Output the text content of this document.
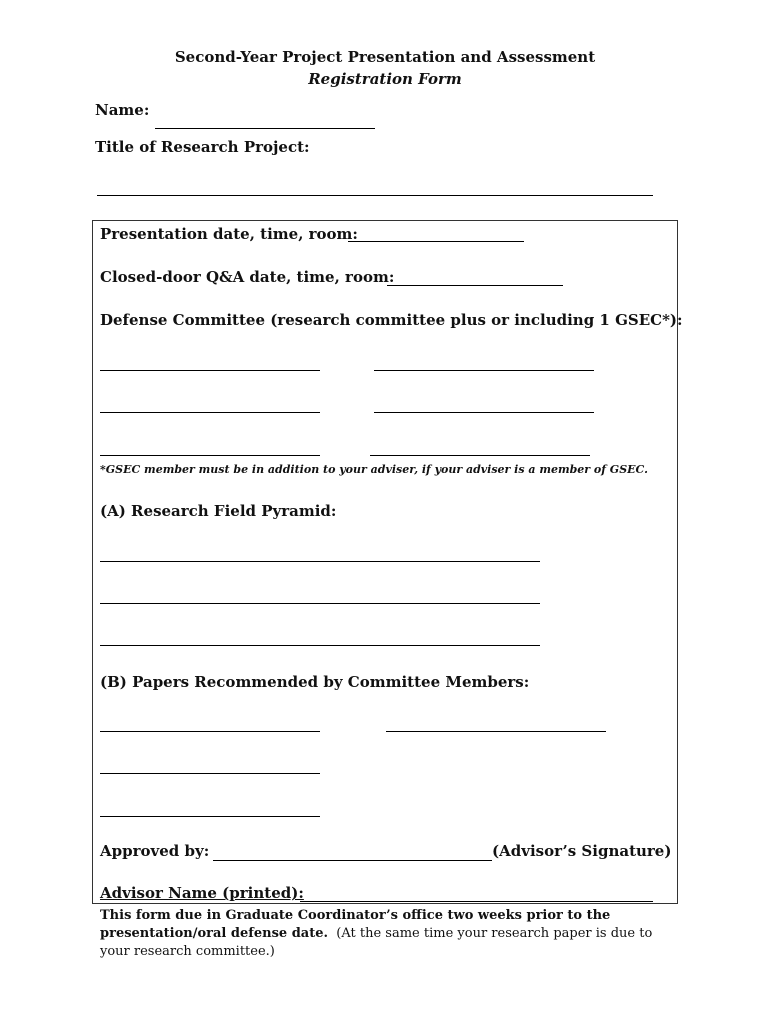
Second-Year Project Presentation and Assessment
Registration Form
Name:
Title of Research Project:
Presentation date, time, room:
Closed-door Q&A date, time, room:
Defense Committee (research committee plus or including 1 GSEC*):
*GSEC member must be in addition to your adviser, if your adviser is a member of GSEC.
(A) Research Field Pyramid:
(B) Papers Recommended by Committee Members:
Approved by:	(Advisor’s Signature)
Advisor Name (printed):
This form due in Graduate Coordinator’s office two weeks prior to the presentation/oral defense date. (At the same time your research paper is due to your research committee.)
